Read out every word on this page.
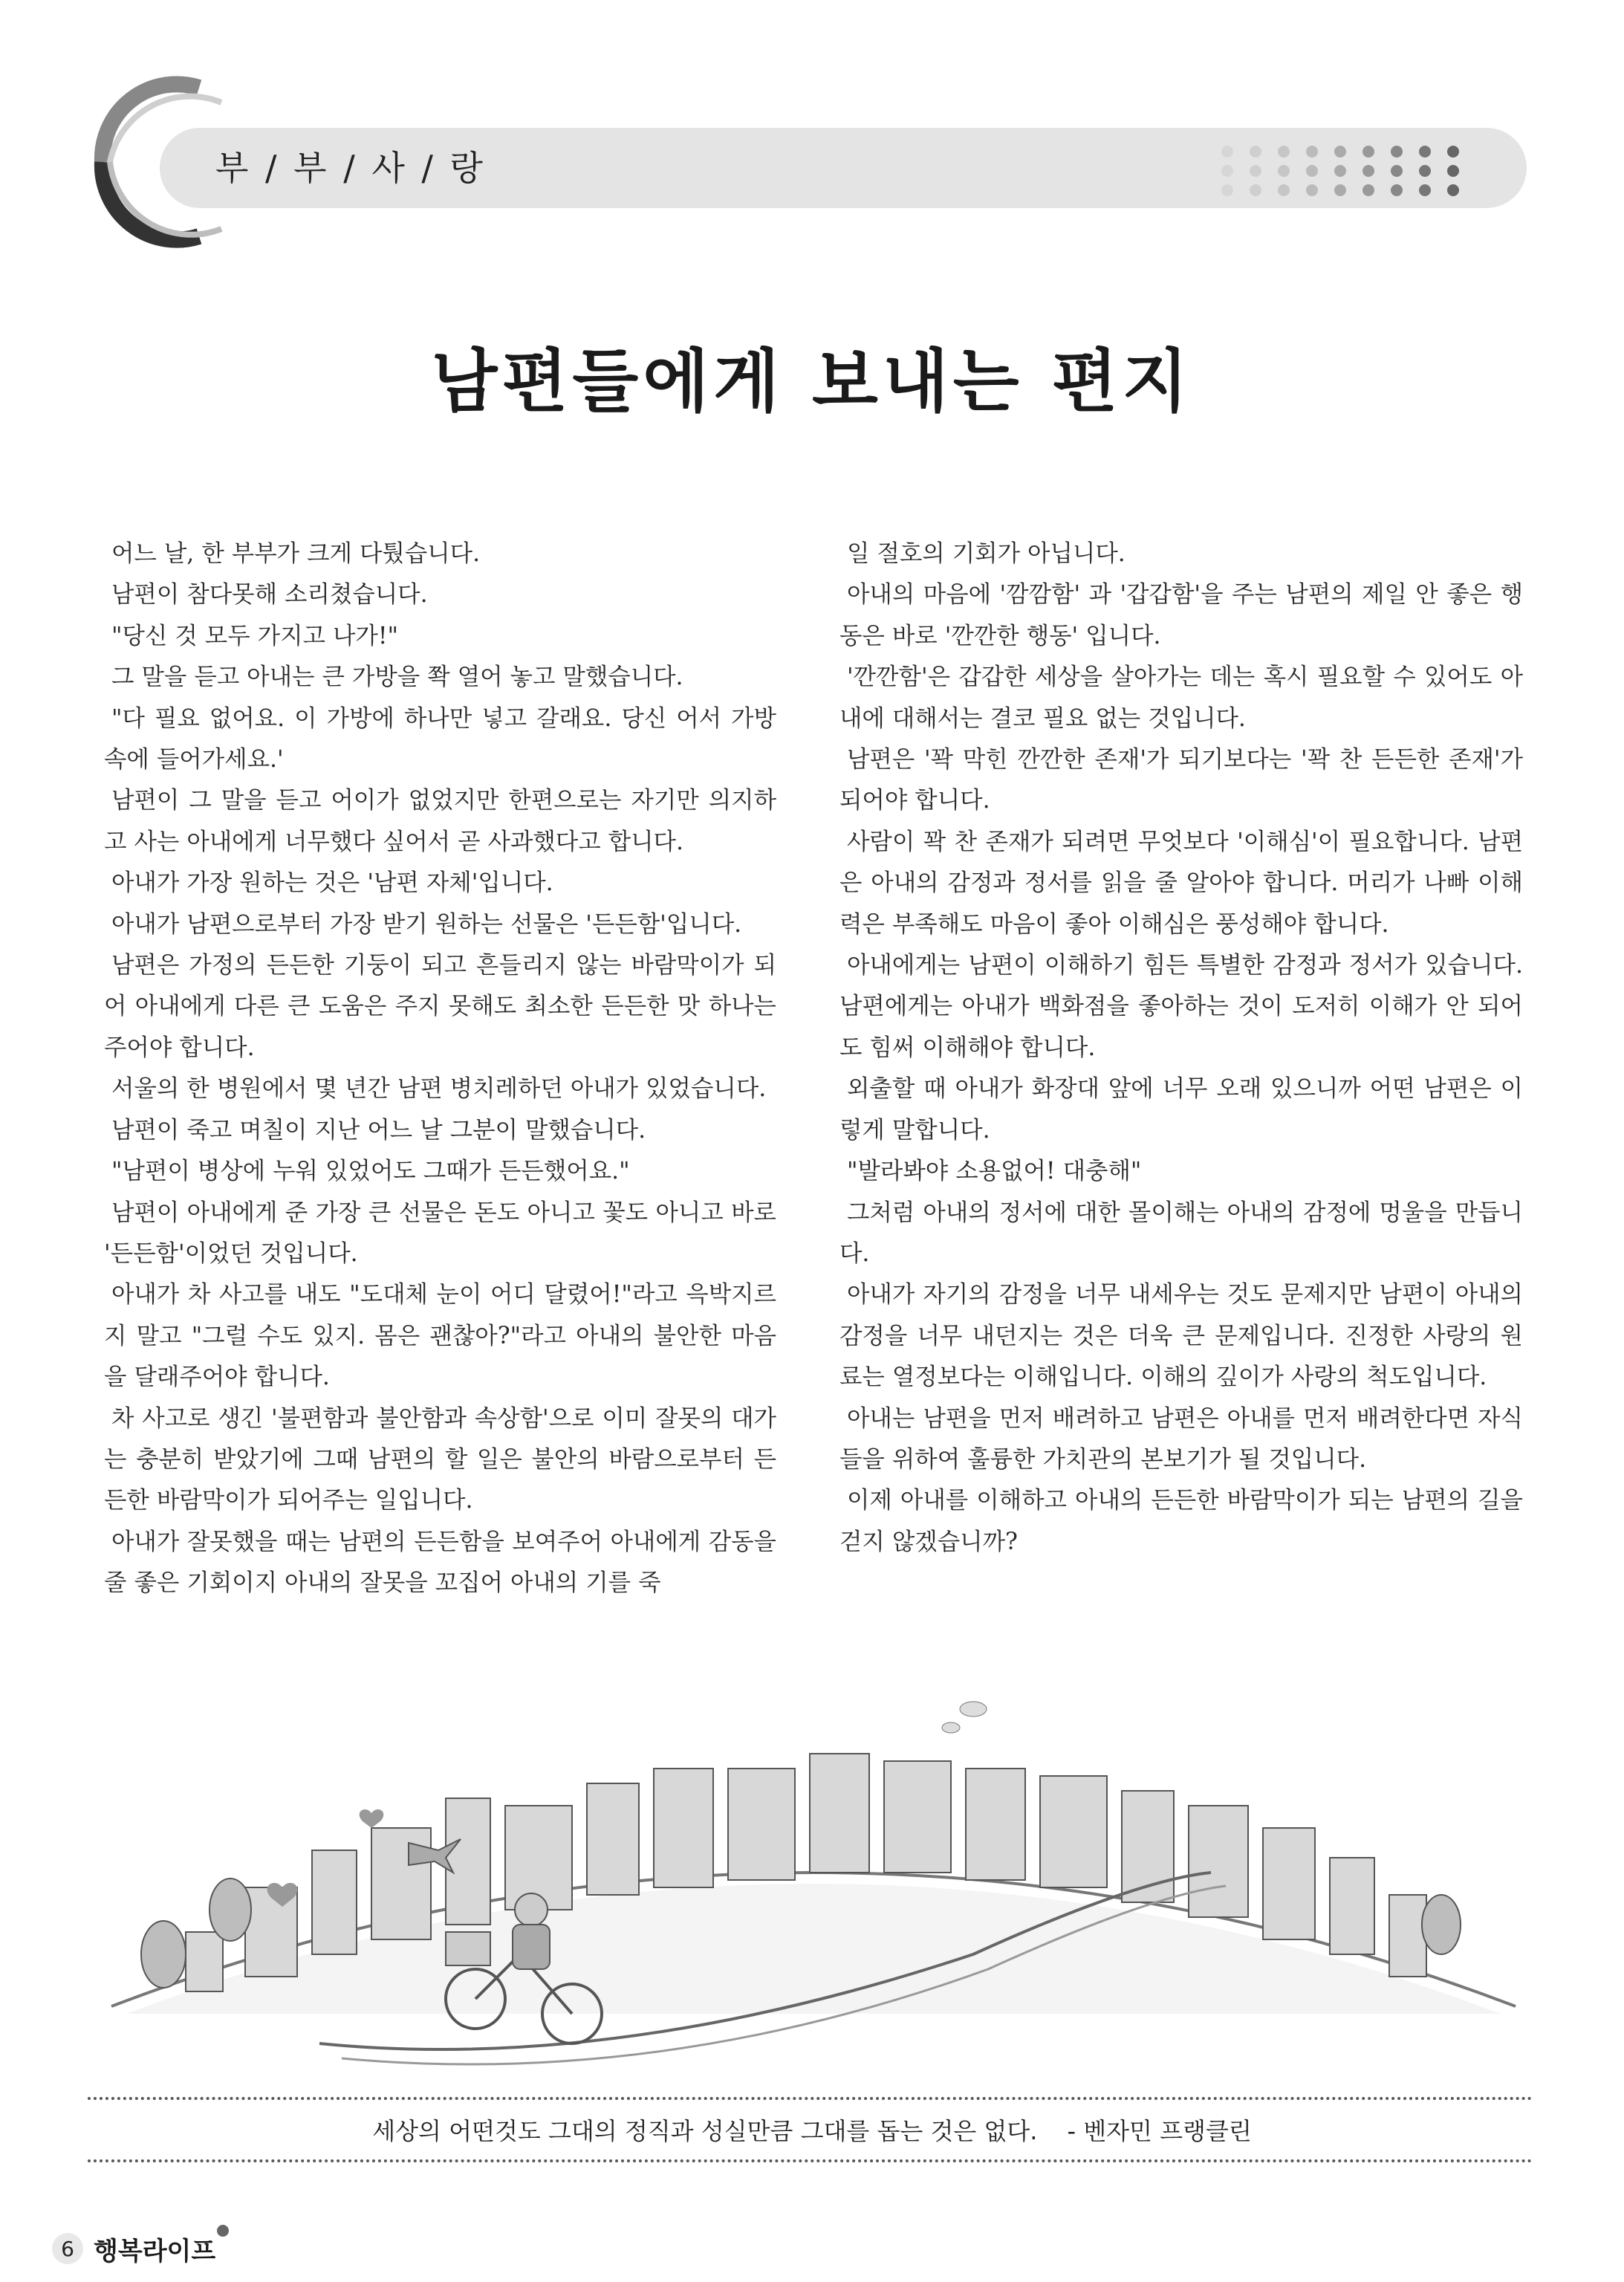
부 / 부 / 사 / 랑
남편들에게 보내는 편지

어느 날, 한 부부가 크게 다퉜습니다.

남편이 참다못해 소리쳤습니다.

"당신 것 모두 가지고 나가!"

그 말을 듣고 아내는 큰 가방을 쫙 열어 놓고 말했습니다.

"다 필요 없어요. 이 가방에 하나만 넣고 갈래요. 당신 어서 가방 속에 들어가세요.'

남편이 그 말을 듣고 어이가 없었지만 한편으로는 자기만 의지하고 사는 아내에게 너무했다 싶어서 곧 사과했다고 합니다.

아내가 가장 원하는 것은 '남편 자체'입니다.

아내가 남편으로부터 가장 받기 원하는 선물은 '든든함'입니다.

남편은 가정의 든든한 기둥이 되고 흔들리지 않는 바람막이가 되어 아내에게 다른 큰 도움은 주지 못해도 최소한 든든한 맛 하나는 주어야 합니다.

서울의 한 병원에서 몇 년간 남편 병치레하던 아내가 있었습니다.

남편이 죽고 며칠이 지난 어느 날 그분이 말했습니다.

"남편이 병상에 누워 있었어도 그때가 든든했어요."

남편이 아내에게 준 가장 큰 선물은 돈도 아니고 꽃도 아니고 바로 '든든함'이었던 것입니다.

아내가 차 사고를 내도 "도대체 눈이 어디 달렸어!"라고 윽박지르지 말고 "그럴 수도 있지. 몸은 괜찮아?"라고 아내의 불안한 마음을 달래주어야 합니다.

차 사고로 생긴 '불편함과 불안함과 속상함'으로 이미 잘못의 대가는 충분히 받았기에 그때 남편의 할 일은 불안의 바람으로부터 든든한 바람막이가 되어주는 일입니다.

아내가 잘못했을 때는 남편의 든든함을 보여주어 아내에게 감동을 줄 좋은 기회이지 아내의 잘못을 꼬집어 아내의 기를 죽

일 절호의 기회가 아닙니다.

아내의 마음에 '깜깜함' 과 '갑갑함'을 주는 남편의 제일 안 좋은 행동은 바로 '깐깐한 행동' 입니다.

'깐깐함'은 갑갑한 세상을 살아가는 데는 혹시 필요할 수 있어도 아내에 대해서는 결코 필요 없는 것입니다.

남편은 '꽉 막힌 깐깐한 존재'가 되기보다는 '꽉 찬 든든한 존재'가 되어야 합니다.

사람이 꽉 찬 존재가 되려면 무엇보다 '이해심'이 필요합니다. 남편은 아내의 감정과 정서를 읽을 줄 알아야 합니다. 머리가 나빠 이해력은 부족해도 마음이 좋아 이해심은 풍성해야 합니다.

아내에게는 남편이 이해하기 힘든 특별한 감정과 정서가 있습니다. 남편에게는 아내가 백화점을 좋아하는 것이 도저히 이해가 안 되어도 힘써 이해해야 합니다.

외출할 때 아내가 화장대 앞에 너무 오래 있으니까 어떤 남편은 이렇게 말합니다.

"발라봐야 소용없어! 대충해"

그처럼 아내의 정서에 대한 몰이해는 아내의 감정에 멍울을 만듭니다.

아내가 자기의 감정을 너무 내세우는 것도 문제지만 남편이 아내의 감정을 너무 내던지는 것은 더욱 큰 문제입니다. 진정한 사랑의 원료는 열정보다는 이해입니다. 이해의 깊이가 사랑의 척도입니다.

아내는 남편을 먼저 배려하고 남편은 아내를 먼저 배려한다면 자식들을 위하여 훌륭한 가치관의 본보기가 될 것입니다.

이제 아내를 이해하고 아내의 든든한 바람막이가 되는 남편의 길을 걷지 않겠습니까?

세상의 어떤것도 그대의 정직과 성실만큼 그대를 돕는 것은 없다. - 벤자민 프랭클린
6 행복라이프
